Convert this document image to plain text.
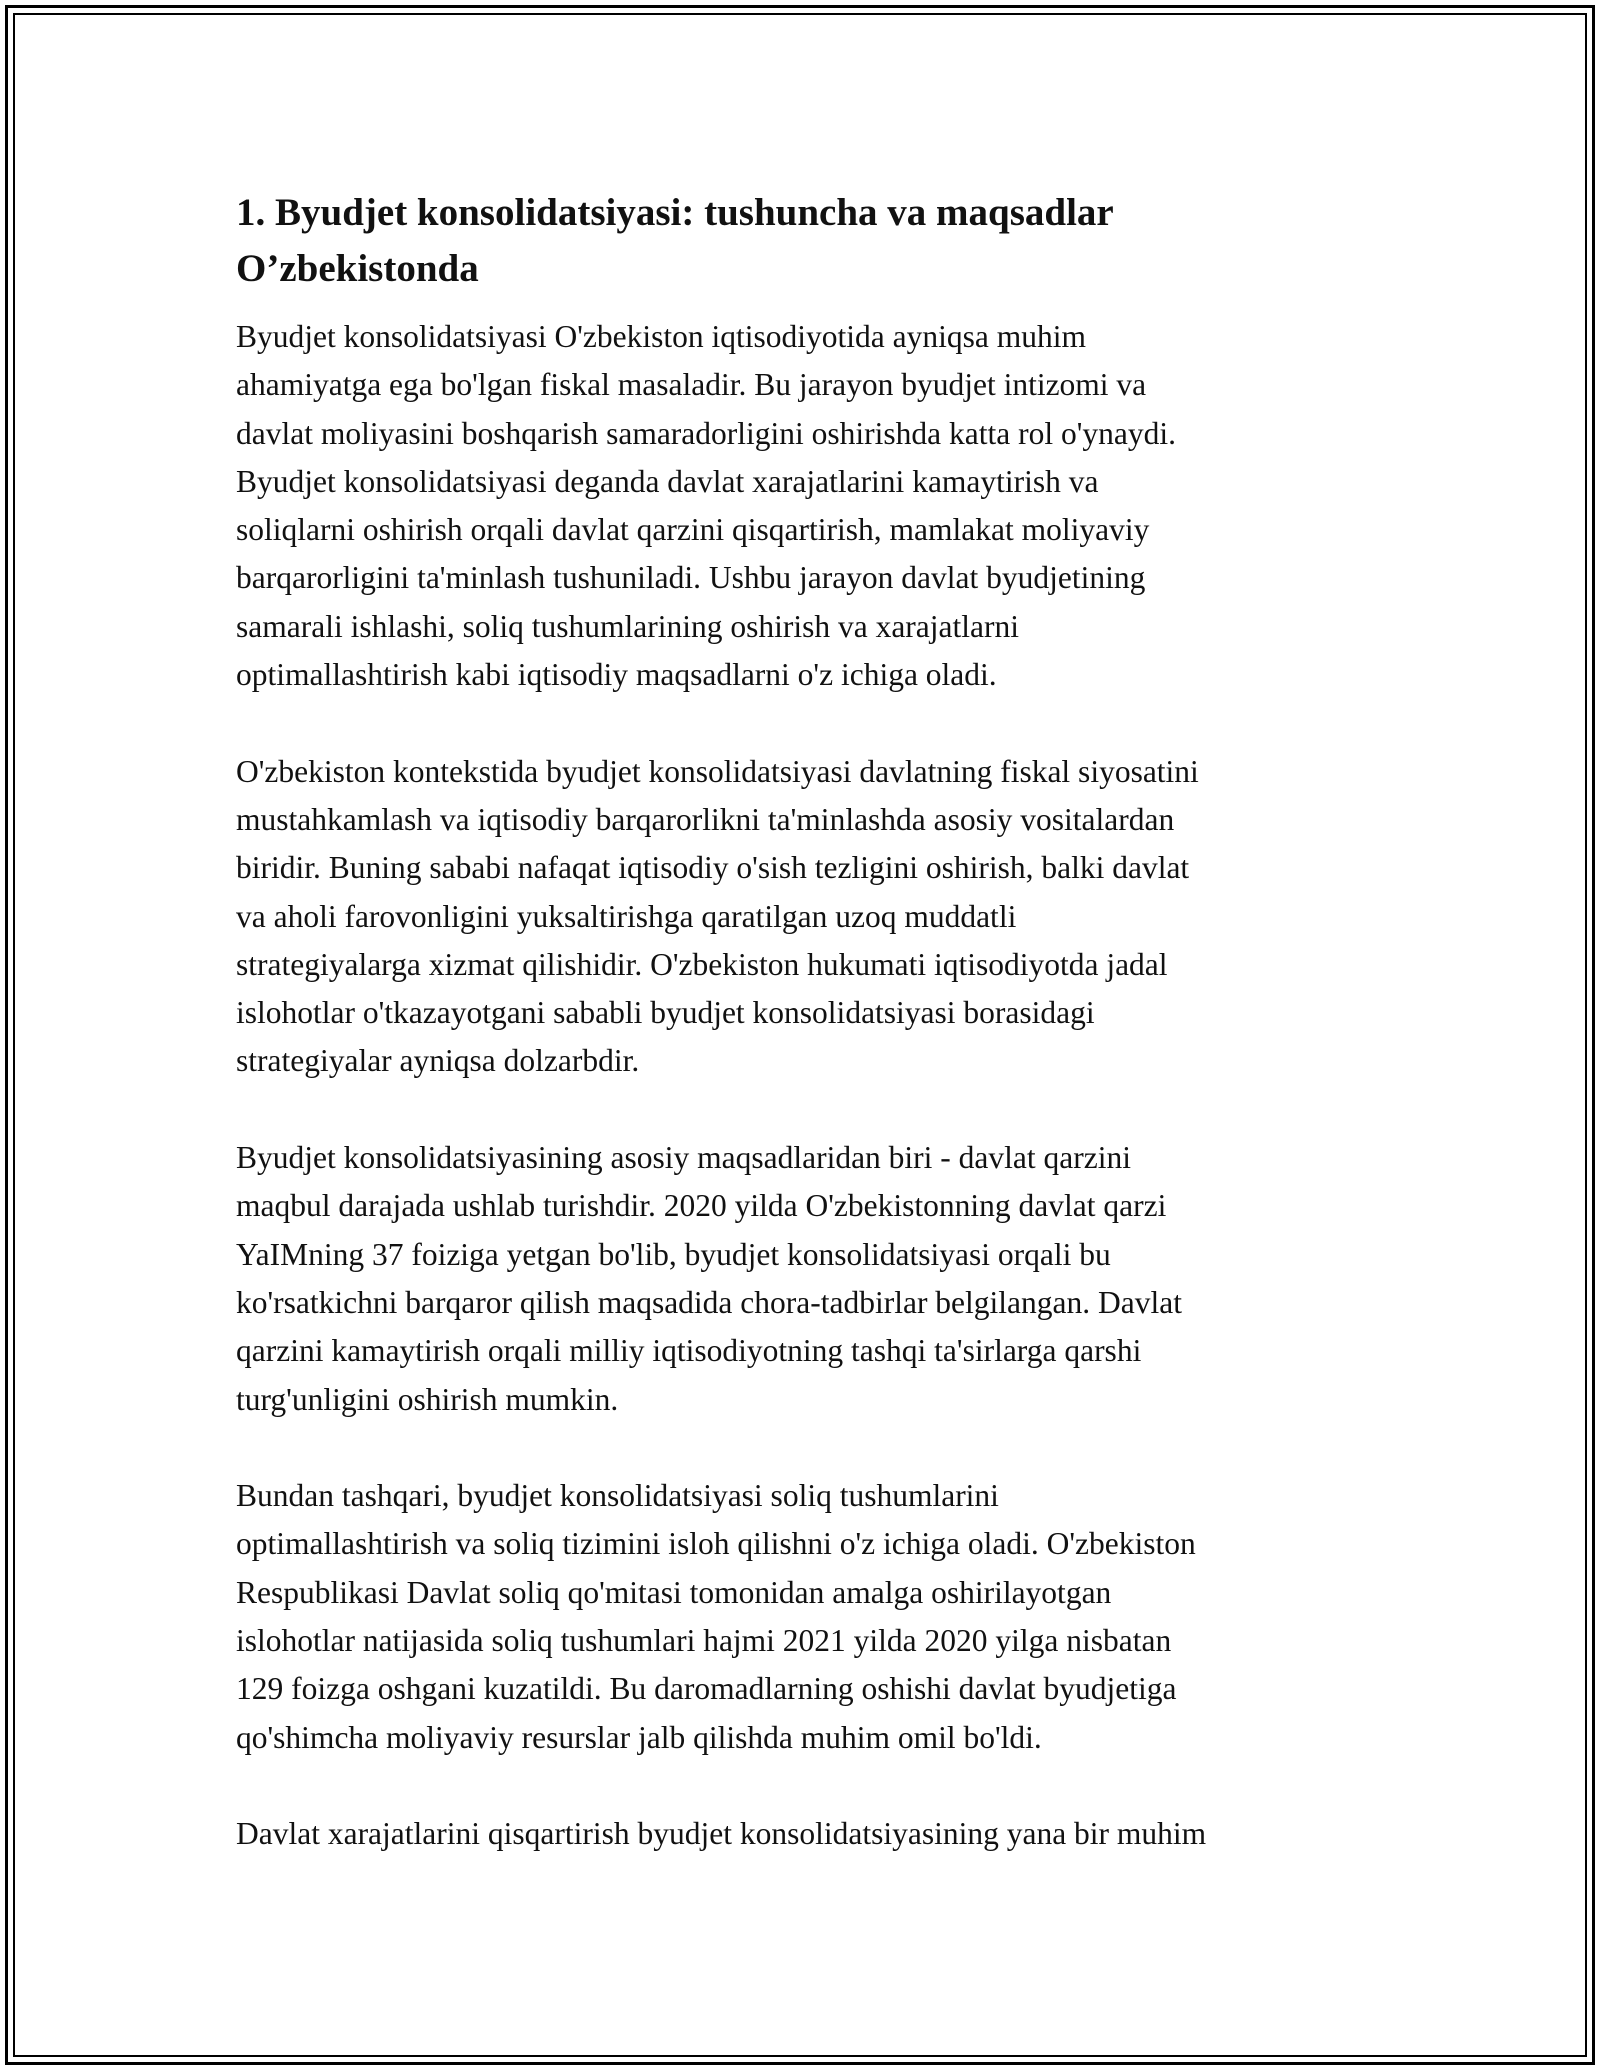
1. Byudjet konsolidatsiyasi: tushuncha va maqsadlar
O’zbekistonda

Byudjet konsolidatsiyasi O'zbekiston iqtisodiyotida ayniqsa muhim
ahamiyatga ega bo'lgan fiskal masaladir. Bu jarayon byudjet intizomi va
davlat moliyasini boshqarish samaradorligini oshirishda katta rol o'ynaydi.
Byudjet konsolidatsiyasi deganda davlat xarajatlarini kamaytirish va
soliqlarni oshirish orqali davlat qarzini qisqartirish, mamlakat moliyaviy
barqarorligini ta'minlash tushuniladi. Ushbu jarayon davlat byudjetining
samarali ishlashi, soliq tushumlarining oshirish va xarajatlarni
optimallashtirish kabi iqtisodiy maqsadlarni o'z ichiga oladi.

O'zbekiston kontekstida byudjet konsolidatsiyasi davlatning fiskal siyosatini
mustahkamlash va iqtisodiy barqarorlikni ta'minlashda asosiy vositalardan
biridir. Buning sababi nafaqat iqtisodiy o'sish tezligini oshirish, balki davlat
va aholi farovonligini yuksaltirishga qaratilgan uzoq muddatli
strategiyalarga xizmat qilishidir. O'zbekiston hukumati iqtisodiyotda jadal
islohotlar o'tkazayotgani sababli byudjet konsolidatsiyasi borasidagi
strategiyalar ayniqsa dolzarbdir.

Byudjet konsolidatsiyasining asosiy maqsadlaridan biri - davlat qarzini
maqbul darajada ushlab turishdir. 2020 yilda O'zbekistonning davlat qarzi
YaIMning 37 foiziga yetgan bo'lib, byudjet konsolidatsiyasi orqali bu
ko'rsatkichni barqaror qilish maqsadida chora-tadbirlar belgilangan. Davlat
qarzini kamaytirish orqali milliy iqtisodiyotning tashqi ta'sirlarga qarshi
turg'unligini oshirish mumkin.

Bundan tashqari, byudjet konsolidatsiyasi soliq tushumlarini
optimallashtirish va soliq tizimini isloh qilishni o'z ichiga oladi. O'zbekiston
Respublikasi Davlat soliq qo'mitasi tomonidan amalga oshirilayotgan
islohotlar natijasida soliq tushumlari hajmi 2021 yilda 2020 yilga nisbatan
129 foizga oshgani kuzatildi. Bu daromadlarning oshishi davlat byudjetiga
qo'shimcha moliyaviy resurslar jalb qilishda muhim omil bo'ldi.

Davlat xarajatlarini qisqartirish byudjet konsolidatsiyasining yana bir muhim
